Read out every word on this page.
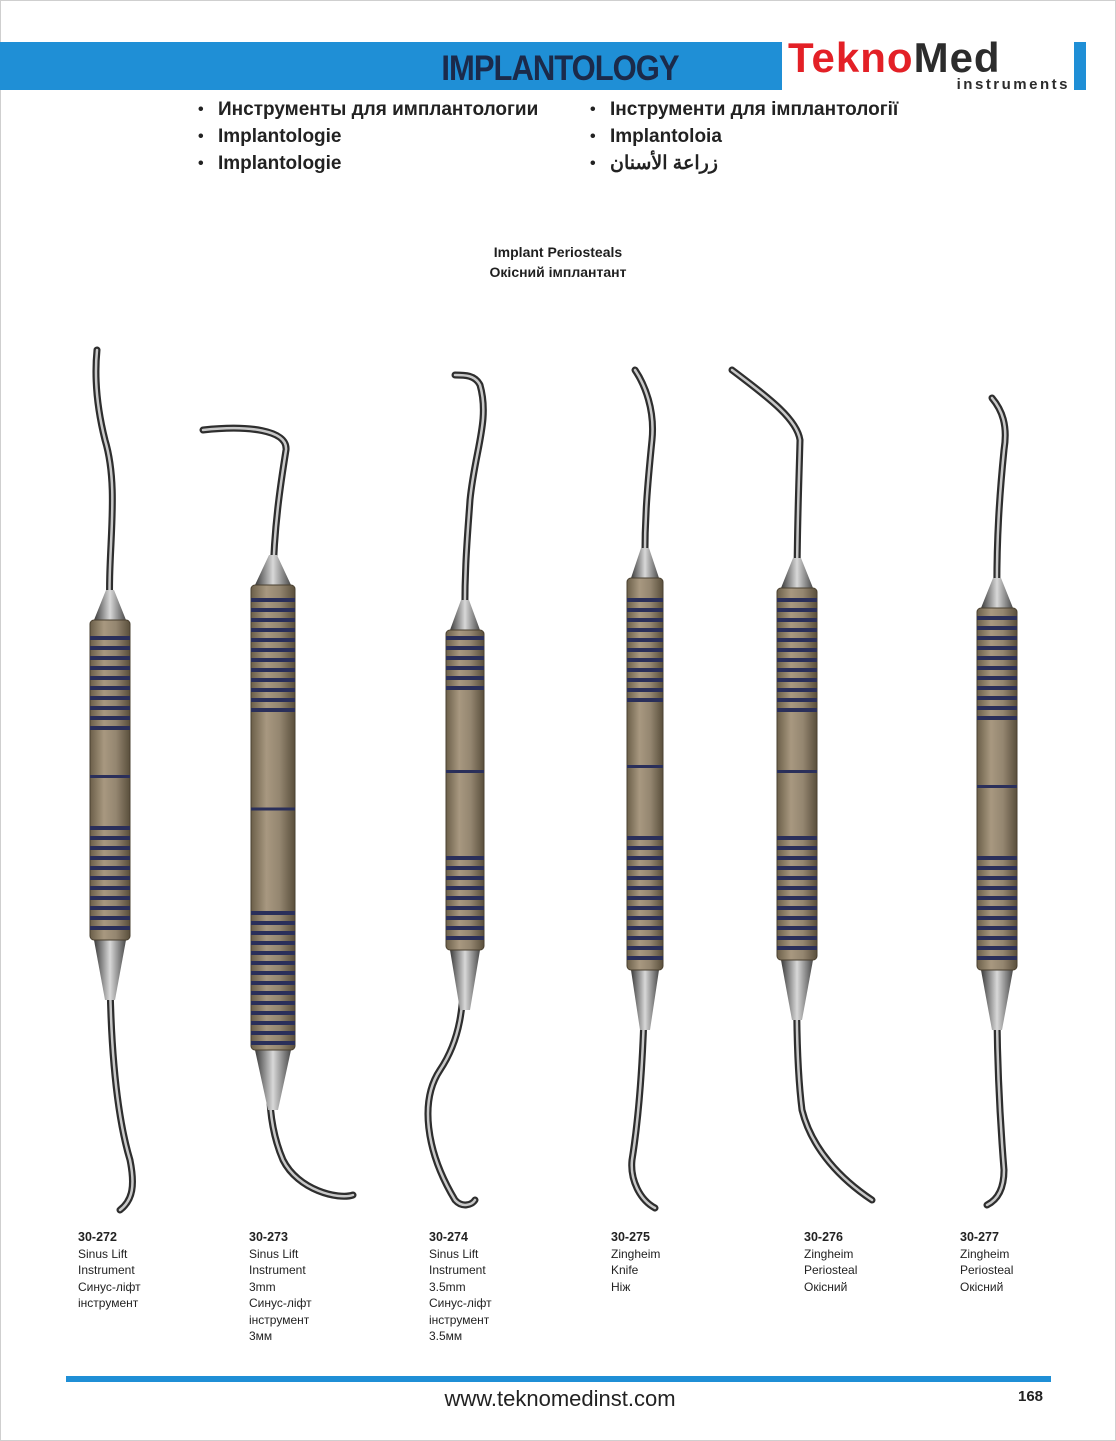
IMPLANTOLOGY	TeknoMed
instruments
• Инструменты для имплантологии
• Implantologie
• Implantologie
• Інструменти для імплантології
• Implantoloia
• زراعة الأسنان
Implant Periosteals
Окісний імплантант
30-272
Sinus Lift
Instrument
Синус-ліфт
інструмент
30-273
Sinus Lift
Instrument
3mm
Синус-ліфт
інструмент
3мм
30-274
Sinus Lift
Instrument
3.5mm
Синус-ліфт
інструмент
3.5мм
30-275
Zingheim
Knife
Ніж
30-276
Zingheim
Periosteal
Окісний
30-277
Zingheim
Periosteal
Окісний
www.teknomedinst.com	168
